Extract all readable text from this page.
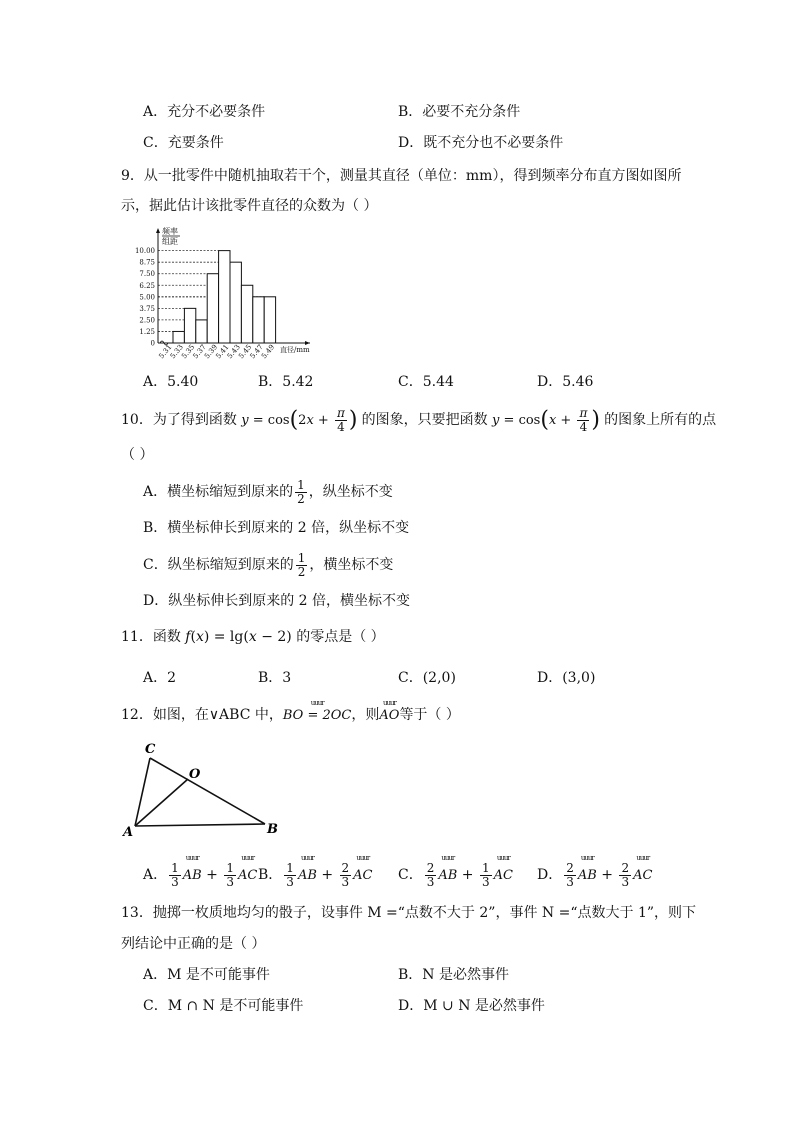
A．充分不必要条件	B．必要不充分条件
C．充要条件	D．既不充分也不必要条件
9．从一批零件中随机抽取若干个，测量其直径（单位：mm），得到频率分布直方图如图所
示，据此估计该批零件直径的众数为（ ）
10.00
8.75
7.50
6.25
5.00
3.75
2.50
1.25
0
频率
组距
5.31
5.33
5.35
5.37
5.39
5.41
5.43
5.45
5.47
5.49 直径/mm
A．5.40	B．5.42	C．5.44	D．5.46
10．为了得到函数 $y = \cos(2x + \frac{\pi}{4}$ ) 的图象，只要把函数 $y = \cos(x + \frac{\pi}{4}$ ) 的图象上所有的点
（ ）
A．横坐标缩短到原来的 $\frac{1}{2}$ ，纵坐标不变
B．横坐标伸长到原来的 2 倍，纵坐标不变
C．纵坐标缩短到原来的 $\frac{1}{2}$ ，横坐标不变
D．纵坐标伸长到原来的 2 倍，横坐标不变
11．函数 f(x) = lg(x − 2) 的零点是（ ）
A．2	B．3	C．(2,0)	D．(3,0)
12．如图，在∨ABC 中，
uuur
BO = 2OC，则
uuur
AO等于（ ）
C
O
A	B
A． $\frac{1}{3}$
uuur
AB + $\frac{1}{3}$
uuur
AC B． $\frac{1}{3}$
uuur
AB + $\frac{2}{3}$
uuur
AC C． $\frac{2}{3}$
uuur
AB + $\frac{1}{3}$
uuur
AC D． $\frac{2}{3}$
uuur
AB + $\frac{2}{3}$
uuur
AC
13．抛掷一枚质地均匀的骰子，设事件 M =“点数不大于 2”，事件 N =“点数大于 1”，则下
列结论中正确的是（ ）
A．M 是不可能事件	B．N 是必然事件
C．M ∩ N 是不可能事件	D．M ∪ N 是必然事件
